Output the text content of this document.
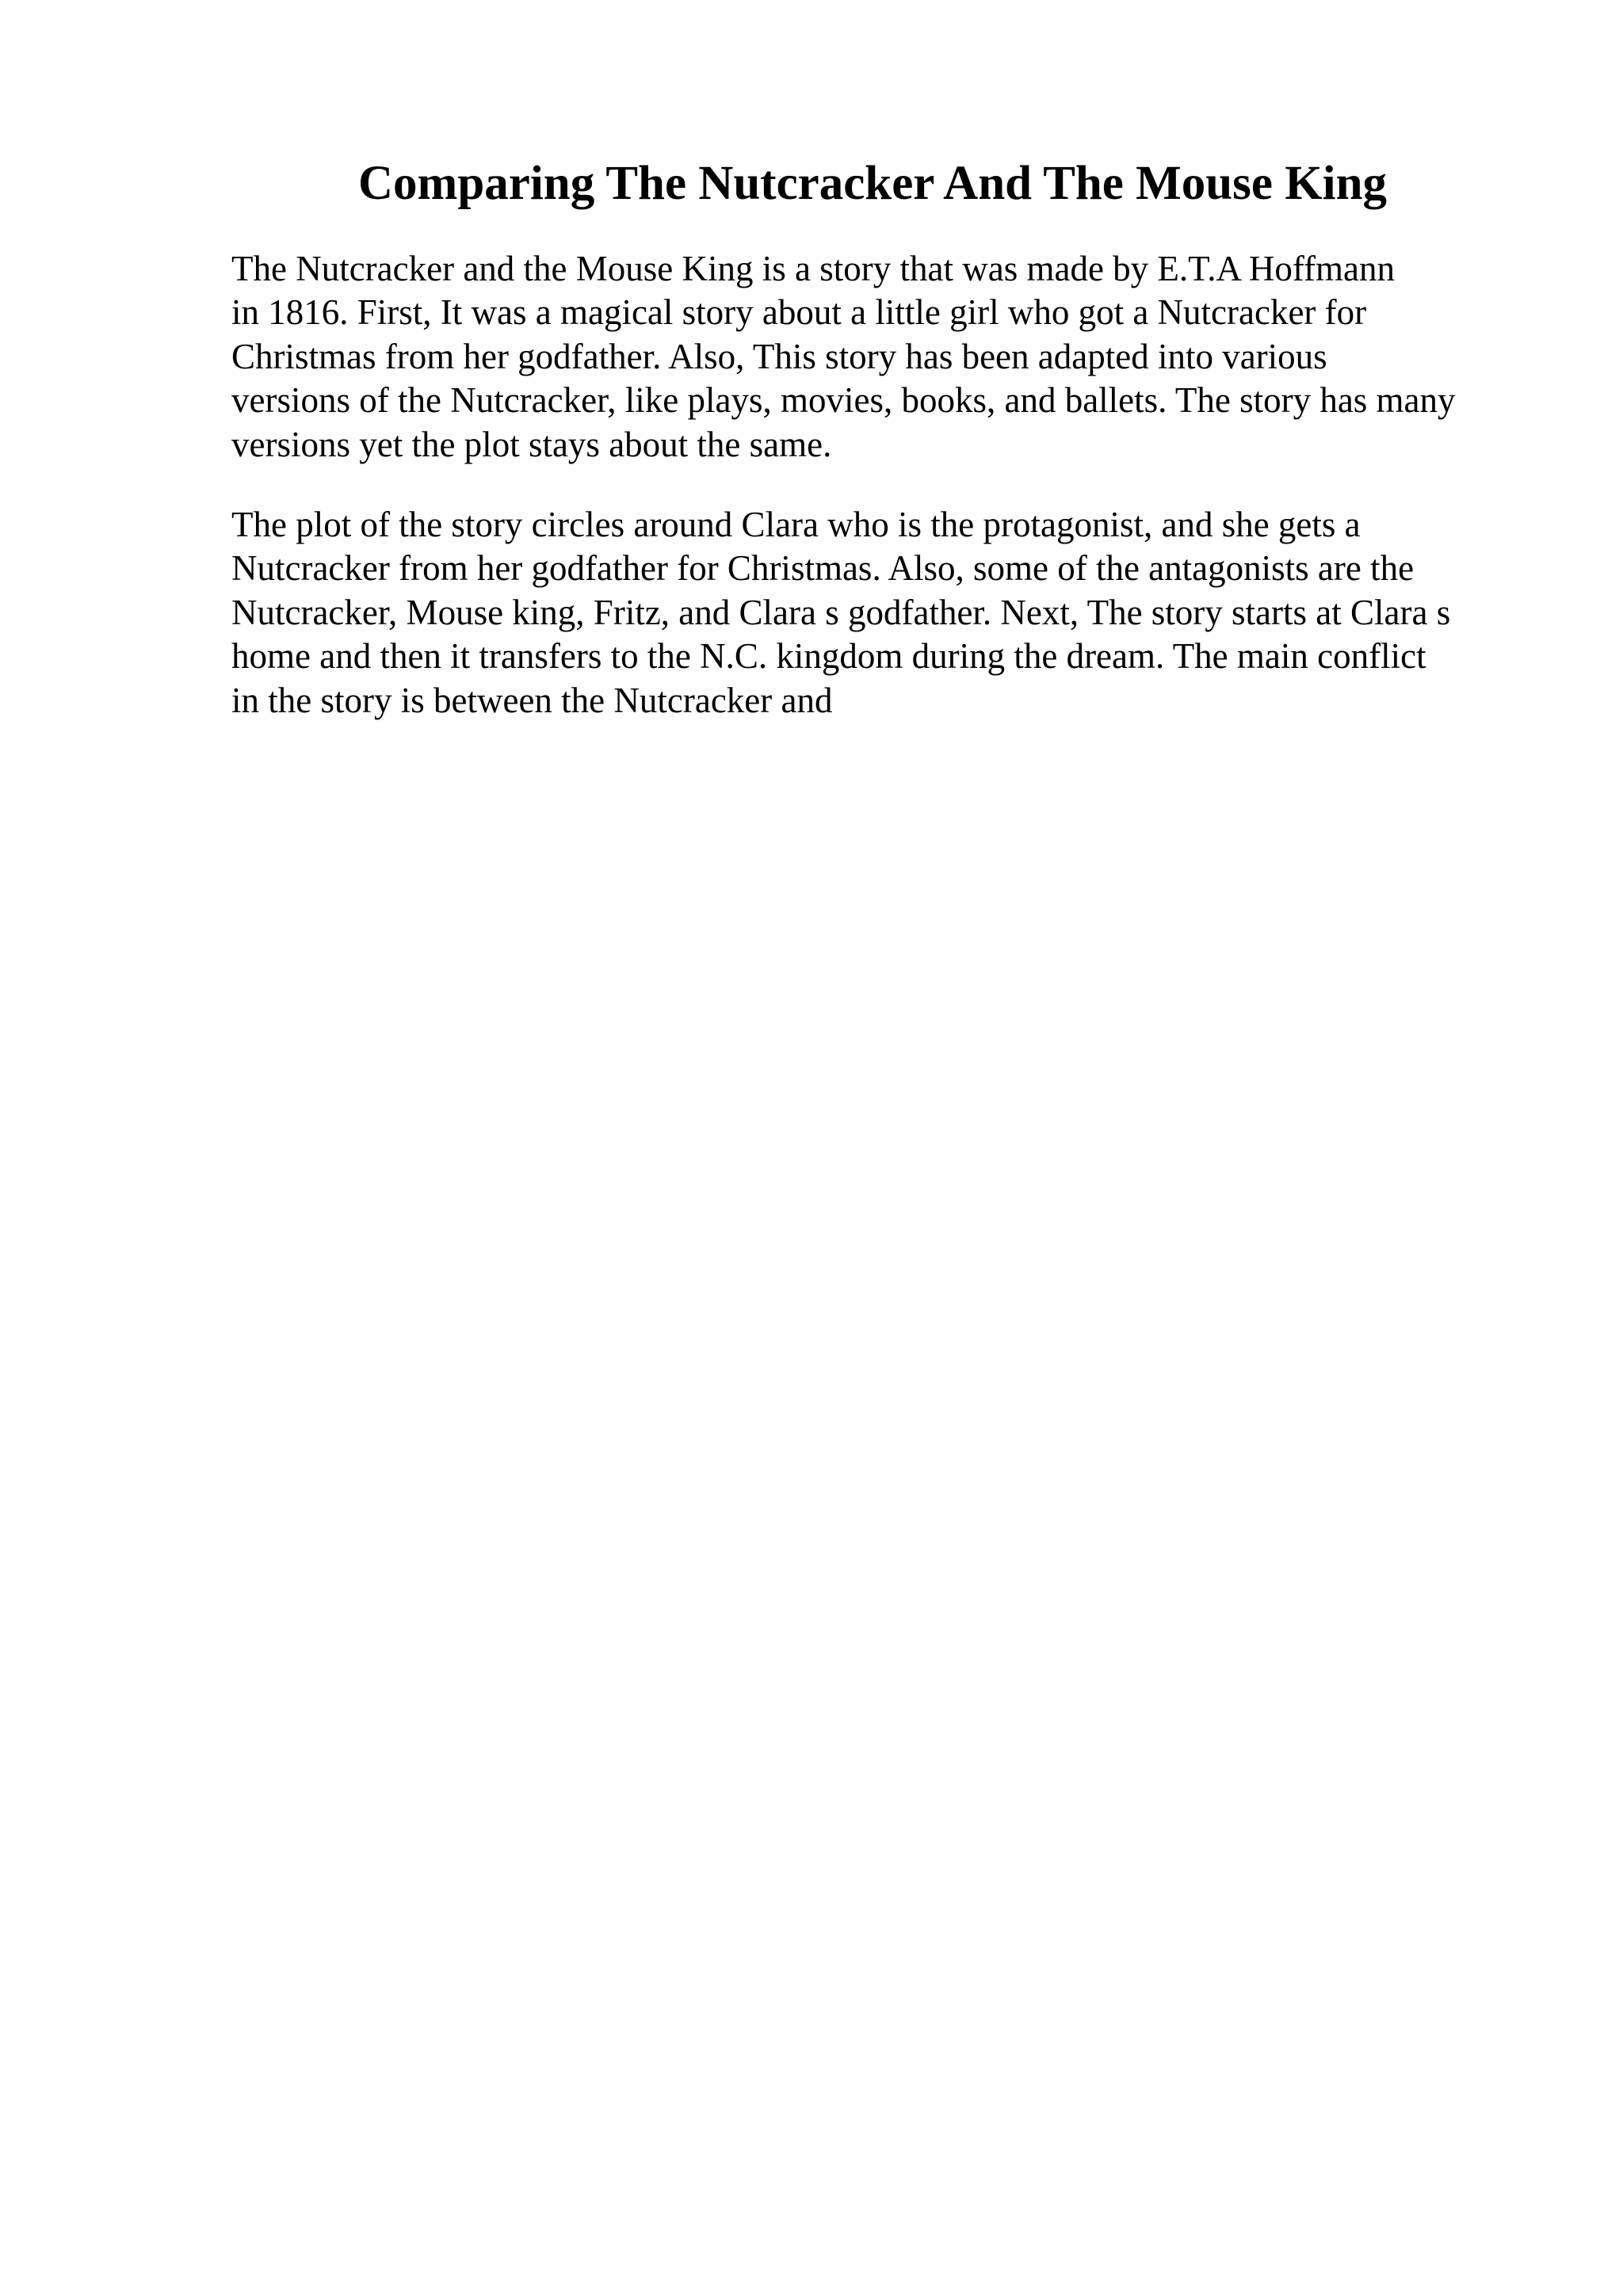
Comparing The Nutcracker And The Mouse King

The Nutcracker and the Mouse King is a story that was made by E.T.A Hoffmann
in 1816. First, It was a magical story about a little girl who got a Nutcracker for
Christmas from her godfather. Also, This story has been adapted into various
versions of the Nutcracker, like plays, movies, books, and ballets. The story has many
versions yet the plot stays about the same.

The plot of the story circles around Clara who is the protagonist, and she gets a
Nutcracker from her godfather for Christmas. Also, some of the antagonists are the
Nutcracker, Mouse king, Fritz, and Clara s godfather. Next, The story starts at Clara s
home and then it transfers to the N.C. kingdom during the dream. The main conflict
in the story is between the Nutcracker and
